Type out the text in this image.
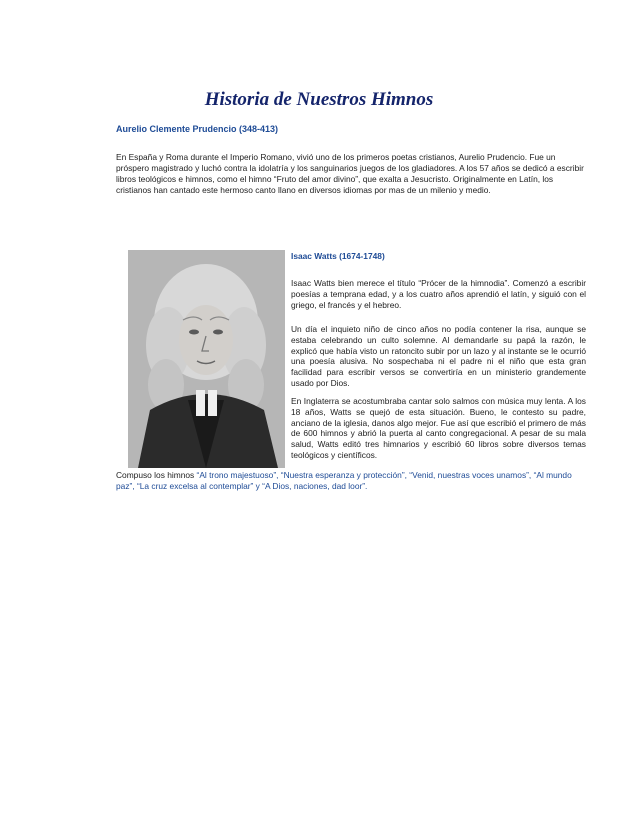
Historia de Nuestros Himnos

Aurelio Clemente Prudencio (348-413)

En España y Roma durante el Imperio Romano, vivió uno de los primeros poetas cristianos, Aurelio Prudencio. Fue un próspero magistrado y luchó contra la idolatría y los sanguinarios juegos de los gladiadores. A los 57 años se dedicó a escribir libros teológicos e himnos, como el himno “Fruto del amor divino”, que exalta a Jesucristo. Originalmente en Latín, los cristianos han cantado este hermoso canto llano en diversos idiomas por mas de un milenio y medio.

Isaac Watts (1674-1748)

Isaac Watts bien merece el título “Prócer de la himnodia”. Comenzó a escribir poesías a temprana edad, y a los cuatro años aprendió el latín, y siguió con el griego, el francés y el hebreo.

Un día el inquieto niño de cinco años no podía contener la risa, aunque se estaba celebrando un culto solemne. Al demandarle su papá la razón, le explicó que había visto un ratoncito subir por un lazo y al instante se le ocurrió una poesía alusiva. No sospechaba ni el padre ni el niño que esta gran facilidad para escribir versos se convertiría en un ministerio grandemente usado por Dios.

En Inglaterra se acostumbraba cantar solo salmos con música muy lenta. A los 18 años, Watts se quejó de esta situación. Bueno, le contesto su padre, anciano de la iglesia, danos algo mejor. Fue así que escribió el primero de más de 600 himnos y abrió la puerta al canto congregacional. A pesar de su mala salud, Watts editó tres himnarios y escribió 60 libros sobre diversos temas teológicos y científicos.

Compuso los himnos “Al trono majestuoso”, “Nuestra esperanza y protección”, “Venid, nuestras voces unamos”, “Al mundo paz”, “La cruz excelsa al contemplar” y “A Dios, naciones, dad loor”.
